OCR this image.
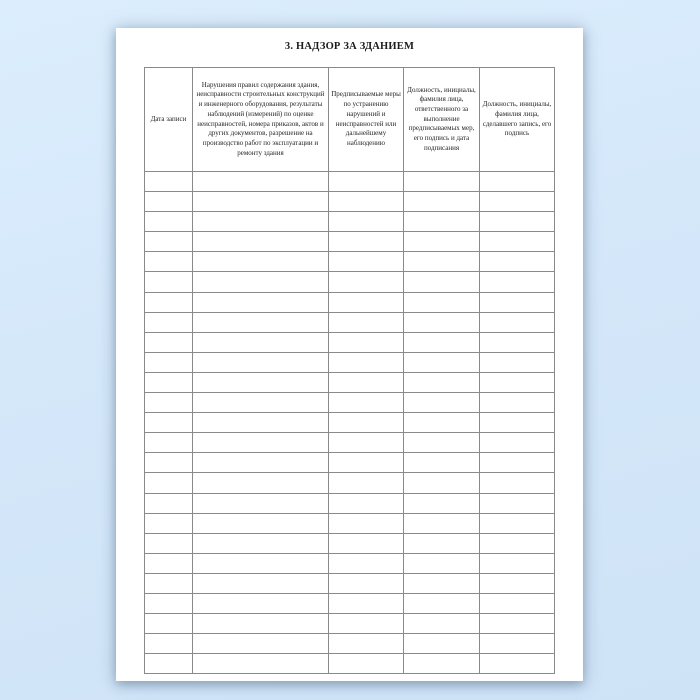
3. НАДЗОР ЗА ЗДАНИЕМ
Дата записи	Нарушения правил содержания здания, неисправности строительных конструкций и инженерного оборудования, результаты наблюдений (измерений) по оценке неисправностей, номера приказов, актов и других документов, разрешение на производство работ по эксплуатации и ремонту здания	Предписываемые меры по устранению нарушений и неисправностей или дальнейшему наблюдению	Должность, инициалы, фамилия лица, ответственного за выполнение предписываемых мер, его подпись и дата подписания	Должность, инициалы, фамилия лица, сделавшего запись, его подпись
